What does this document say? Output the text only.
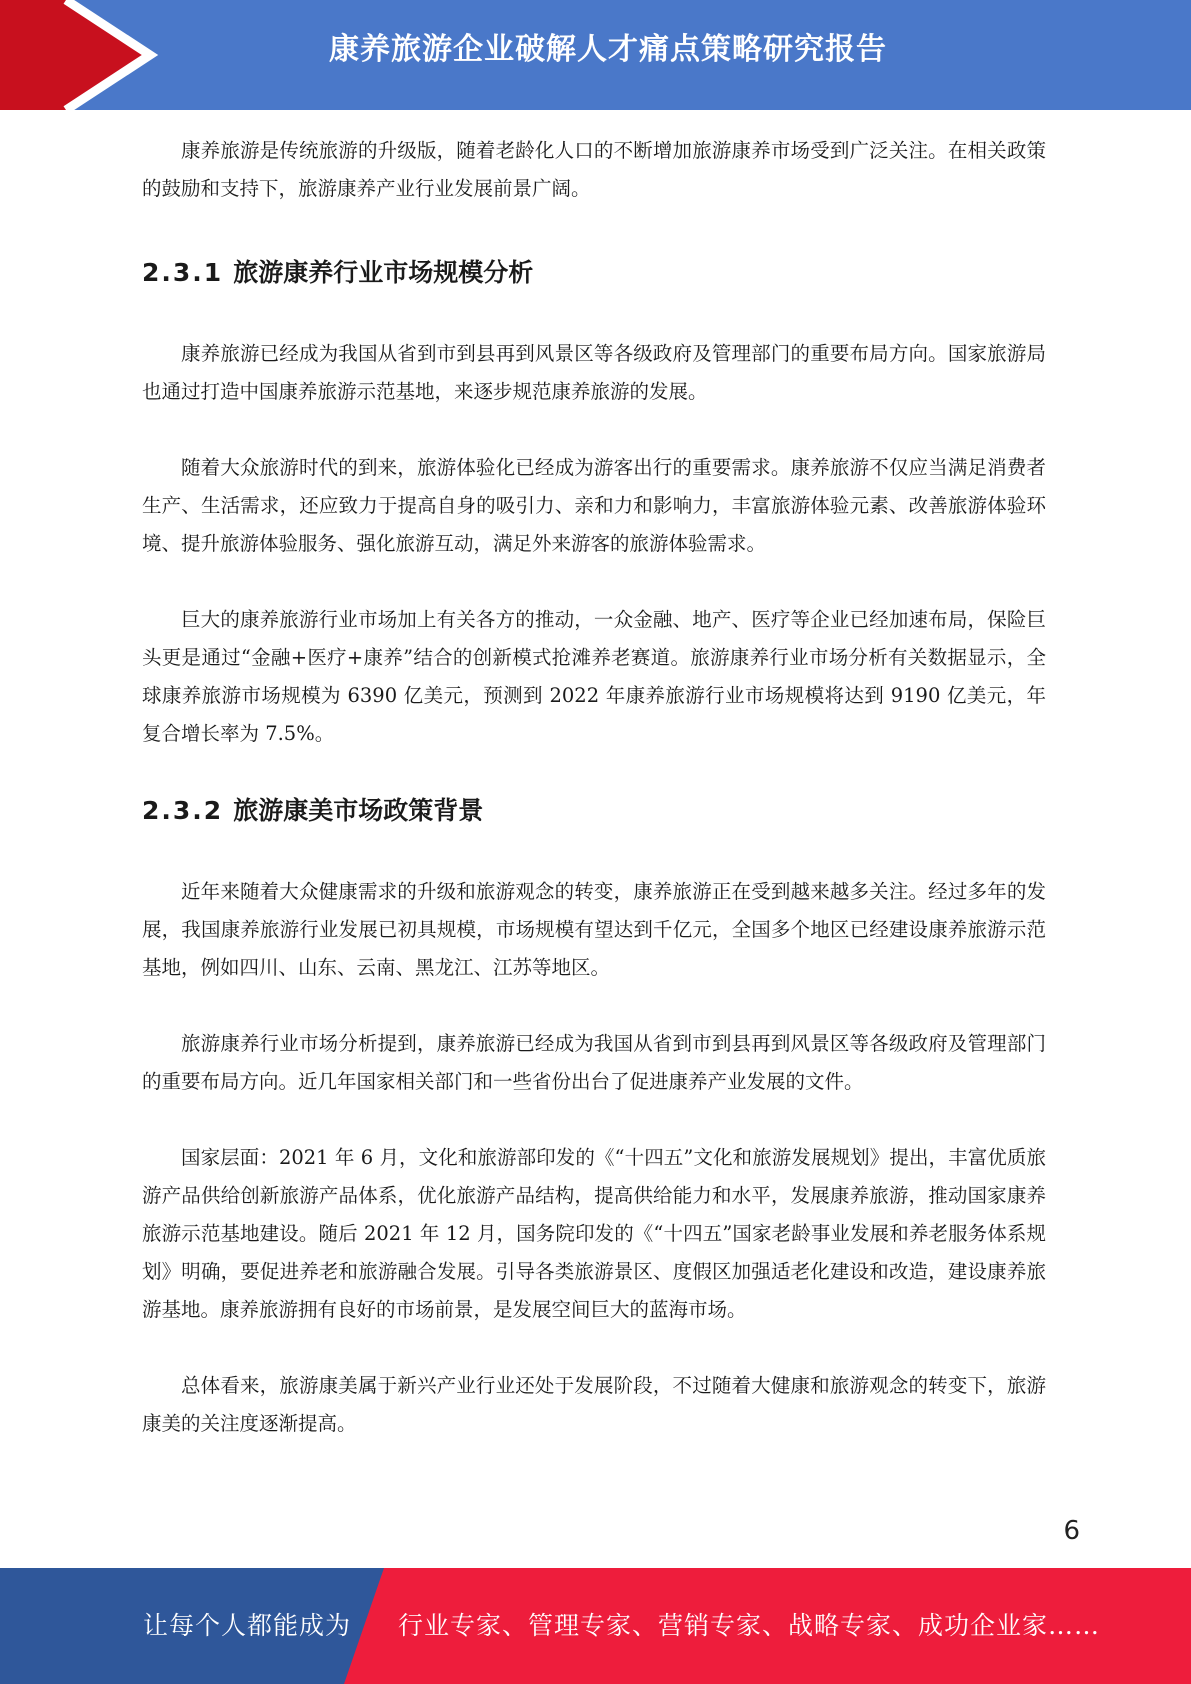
康养旅游企业破解人才痛点策略研究报告

康养旅游是传统旅游的升级版，随着老龄化人口的不断增加旅游康养市场受到广泛关注。在相关政策的鼓励和支持下，旅游康养产业行业发展前景广阔。

2.3.1 旅游康养行业市场规模分析

康养旅游已经成为我国从省到市到县再到风景区等各级政府及管理部门的重要布局方向。国家旅游局也通过打造中国康养旅游示范基地，来逐步规范康养旅游的发展。

随着大众旅游时代的到来，旅游体验化已经成为游客出行的重要需求。康养旅游不仅应当满足消费者生产、生活需求，还应致力于提高自身的吸引力、亲和力和影响力，丰富旅游体验元素、改善旅游体验环境、提升旅游体验服务、强化旅游互动，满足外来游客的旅游体验需求。

巨大的康养旅游行业市场加上有关各方的推动，一众金融、地产、医疗等企业已经加速布局，保险巨头更是通过“金融+医疗+康养”结合的创新模式抢滩养老赛道。旅游康养行业市场分析有关数据显示，全球康养旅游市场规模为 6390 亿美元，预测到 2022 年康养旅游行业市场规模将达到 9190 亿美元，年复合增长率为 7.5%。

2.3.2 旅游康美市场政策背景

近年来随着大众健康需求的升级和旅游观念的转变，康养旅游正在受到越来越多关注。经过多年的发展，我国康养旅游行业发展已初具规模，市场规模有望达到千亿元，全国多个地区已经建设康养旅游示范基地，例如四川、山东、云南、黑龙江、江苏等地区。

旅游康养行业市场分析提到，康养旅游已经成为我国从省到市到县再到风景区等各级政府及管理部门的重要布局方向。近几年国家相关部门和一些省份出台了促进康养产业发展的文件。

国家层面：2021 年 6 月，文化和旅游部印发的《“十四五”文化和旅游发展规划》提出，丰富优质旅游产品供给创新旅游产品体系，优化旅游产品结构，提高供给能力和水平，发展康养旅游，推动国家康养旅游示范基地建设。随后 2021 年 12 月，国务院印发的《“十四五”国家老龄事业发展和养老服务体系规划》明确，要促进养老和旅游融合发展。引导各类旅游景区、度假区加强适老化建设和改造，建设康养旅游基地。康养旅游拥有良好的市场前景，是发展空间巨大的蓝海市场。

总体看来，旅游康美属于新兴产业行业还处于发展阶段，不过随着大健康和旅游观念的转变下，旅游康美的关注度逐渐提高。

6
让每个人都能成为 行业专家、管理专家、营销专家、战略专家、成功企业家……
